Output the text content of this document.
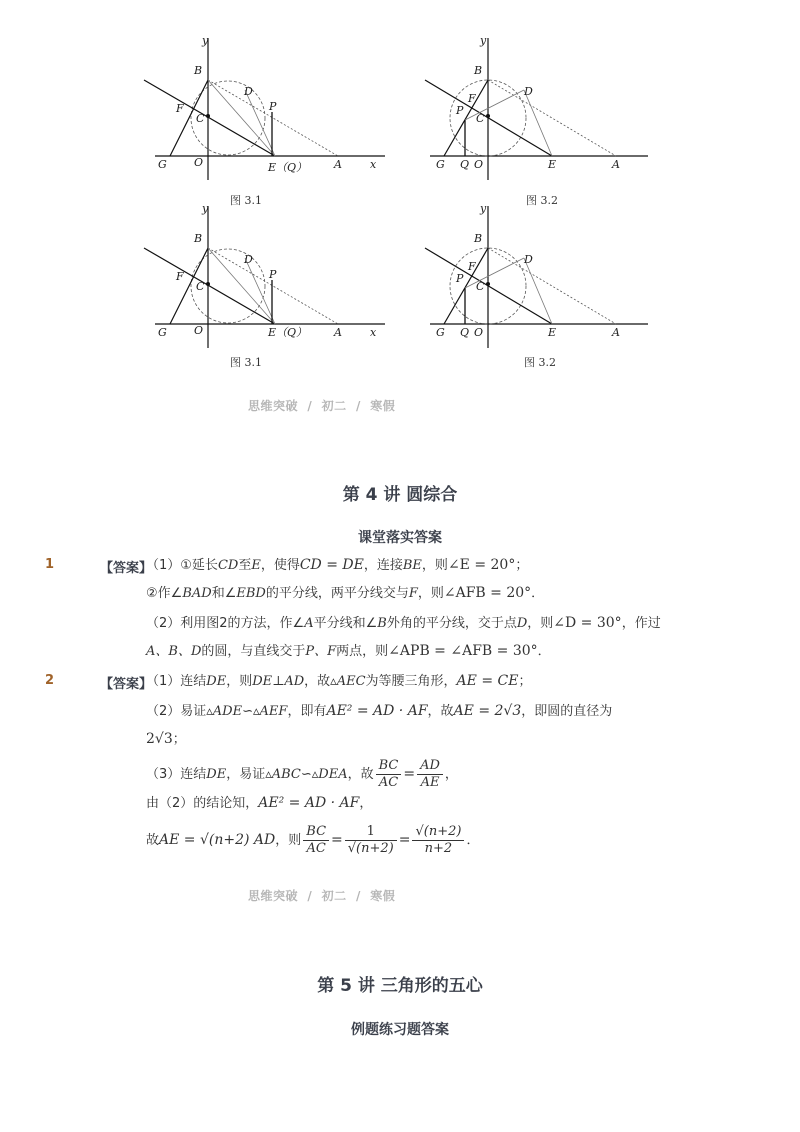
y
B
D
P
F
C
G O	E（Q） A	x
图 3.1
y
B
D
P
F
C
G Q O	E	A
图 3.2
y
B
D
P
F
C
G O	E（Q） A	x
图 3.1
y
B
D
P
F
C
G Q O	E	A
图 3.2
思维突破  /  初二  /  寒假
第 4 讲 圆综合
课堂落实答案
1	【答案】
（1）①延长CD至E，使得CD = DE，连接BE，则∠E = 20°；
②作∠BAD和∠EBD的平分线，两平分线交与F，则∠AFB = 20°．
（2）利用图2的方法，作∠A平分线和∠B外角的平分线，交于点D，则∠D = 30°，作过
A、B、D的圆，与直线交于P、F两点，则∠APB = ∠AFB = 30°．
2	【答案】
（1）连结DE，则DE⊥AD，故▵AEC为等腰三角形，AE = CE；
（2）易证▵ADE∽▵AEF，即有AE² = AD · AF，故AE = 2√3，即圆的直径为
2√3；
（3）连结DE，易证▵ABC∽▵DEA，故 $\frac{BC}{AC} = \frac{AD}{AE}$ ，
由（2）的结论知，AE² = AD · AF，
故AE = √(n+2) AD，则 $\frac{BC}{AC} = \frac{1}{√(n+2)} = \frac{√(n+2)}{n+2}$ ．
思维突破  /  初二  /  寒假
第 5 讲 三角形的五心
例题练习题答案
